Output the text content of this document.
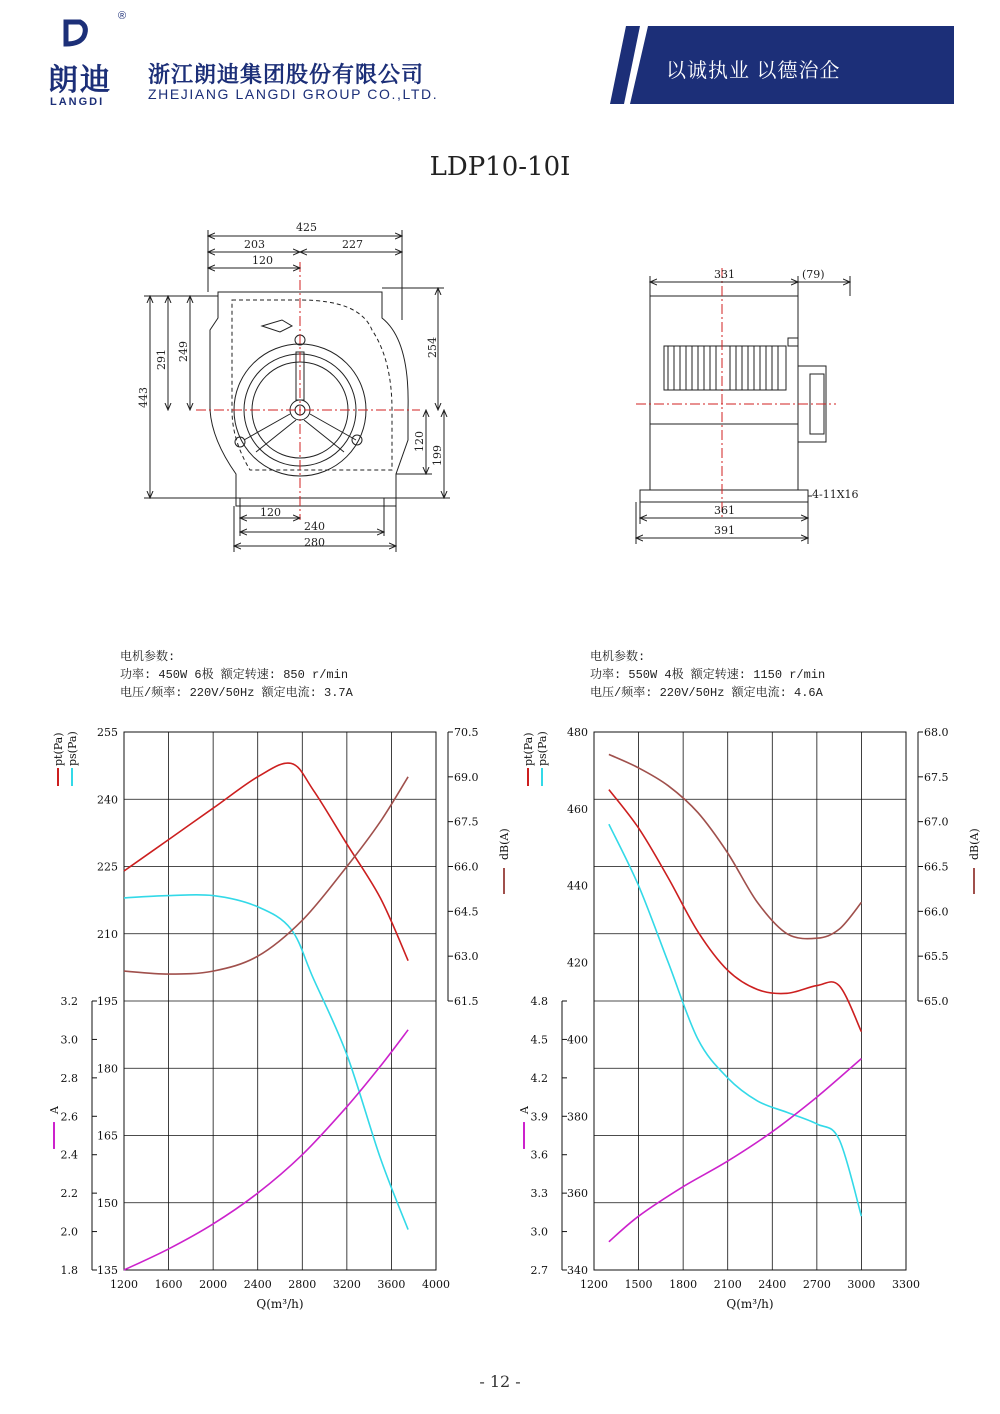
朗 迪
®
LANGDI
浙江朗迪集团股份有限公司
ZHEJIANG LANGDI GROUP CO.,LTD.
以诚执业 以德治企
LDP10-10I
425
203	227
120
291 249
443
254
120
199
120
240
280
331	(79)
361
391
4-11X16
电机参数:
功率: 450W 6极 额定转速: 850 r/min
电压/频率: 220V/50Hz 额定电流: 3.7A
电机参数:
功率: 550W 4极 额定转速: 1150 r/min
电压/频率: 220V/50Hz 额定电流: 4.6A
1200 1600 2000 2400 2800 3200 3600 4000
Q(m³/h)
135
150
165
180
195
210
225
240
255
1.8
2.0
2.2
2.4
2.6
2.8
3.0
3.2
A
61.5
63.0
64.5
66.0
67.5
69.0
70.5
dB(A)
pt(Pa) ps(Pa)
1200 1500 1800 2100 2400 2700 3000 3300
Q(m³/h)
340
360
380
400
420
440
460
480
2.7
3.0
3.3
3.6
3.9
4.2
4.5
4.8
A
65.0
65.5
66.0
66.5
67.0
67.5
68.0
dB(A)
pt(Pa) ps(Pa)
- 12 -
